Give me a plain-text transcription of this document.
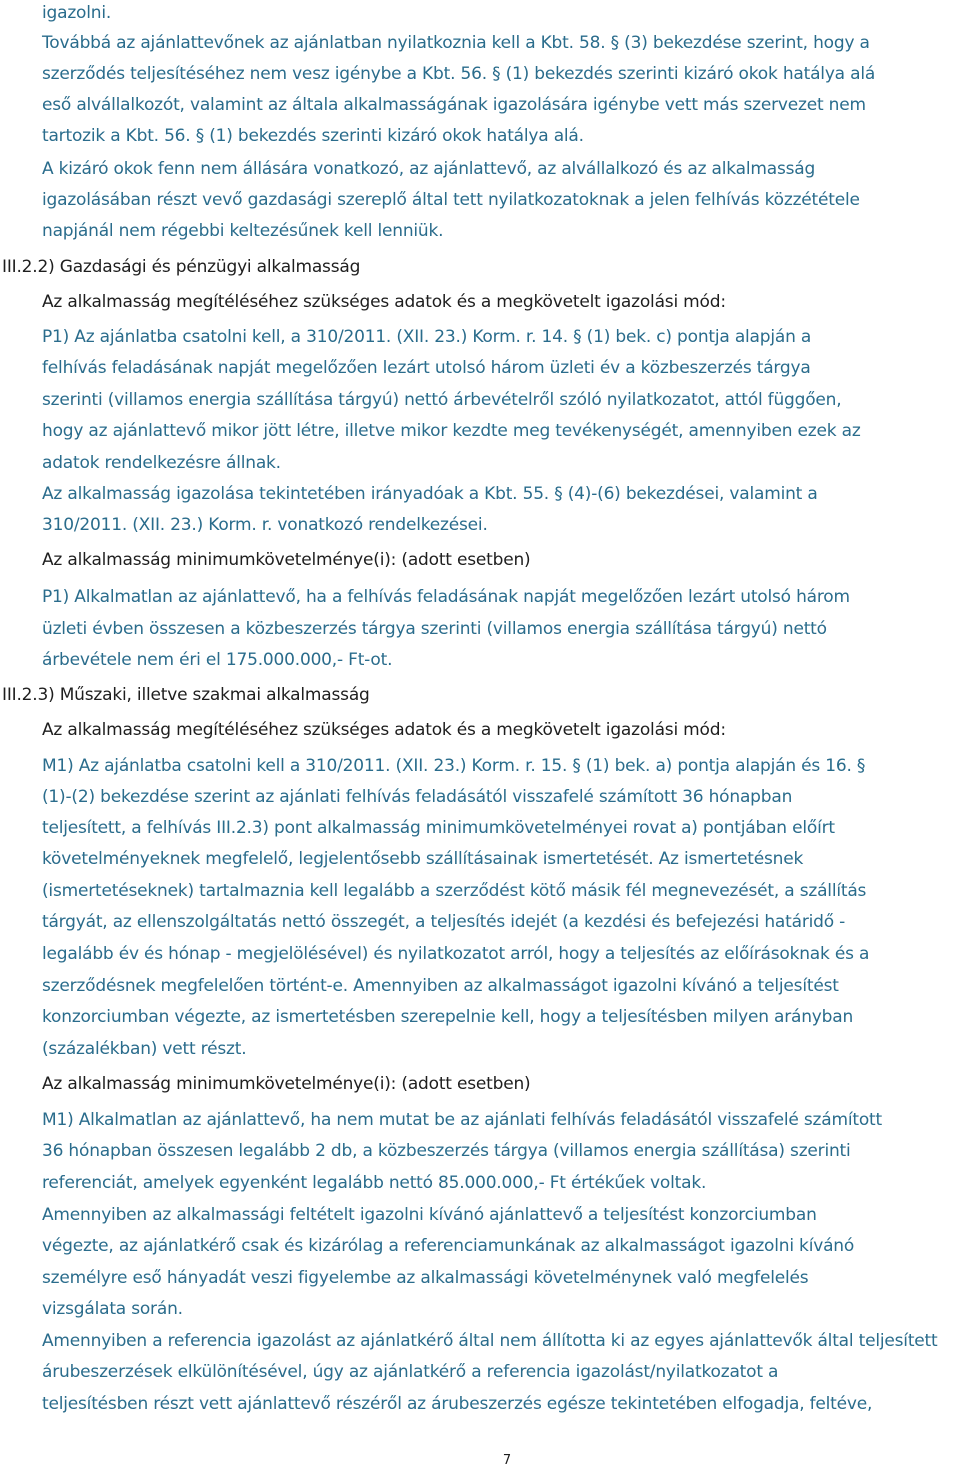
igazolni.
Továbbá az ajánlattevőnek az ajánlatban nyilatkoznia kell a Kbt. 58. § (3) bekezdése szerint, hogy a
szerződés teljesítéséhez nem vesz igénybe a Kbt. 56. § (1) bekezdés szerinti kizáró okok hatálya alá
eső alvállalkozót, valamint az általa alkalmasságának igazolására igénybe vett más szervezet nem
tartozik a Kbt. 56. § (1) bekezdés szerinti kizáró okok hatálya alá.
A kizáró okok fenn nem állására vonatkozó, az ajánlattevő, az alvállalkozó és az alkalmasság
igazolásában részt vevő gazdasági szereplő által tett nyilatkozatoknak a jelen felhívás közzététele
napjánál nem régebbi keltezésűnek kell lenniük.
III.2.2) Gazdasági és pénzügyi alkalmasság
Az alkalmasság megítéléséhez szükséges adatok és a megkövetelt igazolási mód:
P1) Az ajánlatba csatolni kell, a 310/2011. (XII. 23.) Korm. r. 14. § (1) bek. c) pontja alapján a
felhívás feladásának napját megelőzően lezárt utolsó három üzleti év a közbeszerzés tárgya
szerinti (villamos energia szállítása tárgyú) nettó árbevételről szóló nyilatkozatot, attól függően,
hogy az ajánlattevő mikor jött létre, illetve mikor kezdte meg tevékenységét, amennyiben ezek az
adatok rendelkezésre állnak.
Az alkalmasság igazolása tekintetében irányadóak a Kbt. 55. § (4)-(6) bekezdései, valamint a
310/2011. (XII. 23.) Korm. r. vonatkozó rendelkezései.
Az alkalmasság minimumkövetelménye(i): (adott esetben)
P1) Alkalmatlan az ajánlattevő, ha a felhívás feladásának napját megelőzően lezárt utolsó három
üzleti évben összesen a közbeszerzés tárgya szerinti (villamos energia szállítása tárgyú) nettó
árbevétele nem éri el 175.000.000,- Ft-ot.
III.2.3) Műszaki, illetve szakmai alkalmasság
Az alkalmasság megítéléséhez szükséges adatok és a megkövetelt igazolási mód:
M1) Az ajánlatba csatolni kell a 310/2011. (XII. 23.) Korm. r. 15. § (1) bek. a) pontja alapján és 16. §
(1)-(2) bekezdése szerint az ajánlati felhívás feladásától visszafelé számított 36 hónapban
teljesített, a felhívás III.2.3) pont alkalmasság minimumkövetelményei rovat a) pontjában előírt
követelményeknek megfelelő, legjelentősebb szállításainak ismertetését. Az ismertetésnek
(ismertetéseknek) tartalmaznia kell legalább a szerződést kötő másik fél megnevezését, a szállítás
tárgyát, az ellenszolgáltatás nettó összegét, a teljesítés idejét (a kezdési és befejezési határidő -
legalább év és hónap - megjelölésével) és nyilatkozatot arról, hogy a teljesítés az előírásoknak és a
szerződésnek megfelelően történt-e. Amennyiben az alkalmasságot igazolni kívánó a teljesítést
konzorciumban végezte, az ismertetésben szerepelnie kell, hogy a teljesítésben milyen arányban
(százalékban) vett részt.
Az alkalmasság minimumkövetelménye(i): (adott esetben)
M1) Alkalmatlan az ajánlattevő, ha nem mutat be az ajánlati felhívás feladásától visszafelé számított
36 hónapban összesen legalább 2 db, a közbeszerzés tárgya (villamos energia szállítása) szerinti
referenciát, amelyek egyenként legalább nettó 85.000.000,- Ft értékűek voltak.
Amennyiben az alkalmassági feltételt igazolni kívánó ajánlattevő a teljesítést konzorciumban
végezte, az ajánlatkérő csak és kizárólag a referenciamunkának az alkalmasságot igazolni kívánó
személyre eső hányadát veszi figyelembe az alkalmassági követelménynek való megfelelés
vizsgálata során.
Amennyiben a referencia igazolást az ajánlatkérő által nem állította ki az egyes ajánlattevők által teljesített
árubeszerzések elkülönítésével, úgy az ajánlatkérő a referencia igazolást/nyilatkozatot a
teljesítésben részt vett ajánlattevő részéről az árubeszerzés egésze tekintetében elfogadja, feltéve,
7
